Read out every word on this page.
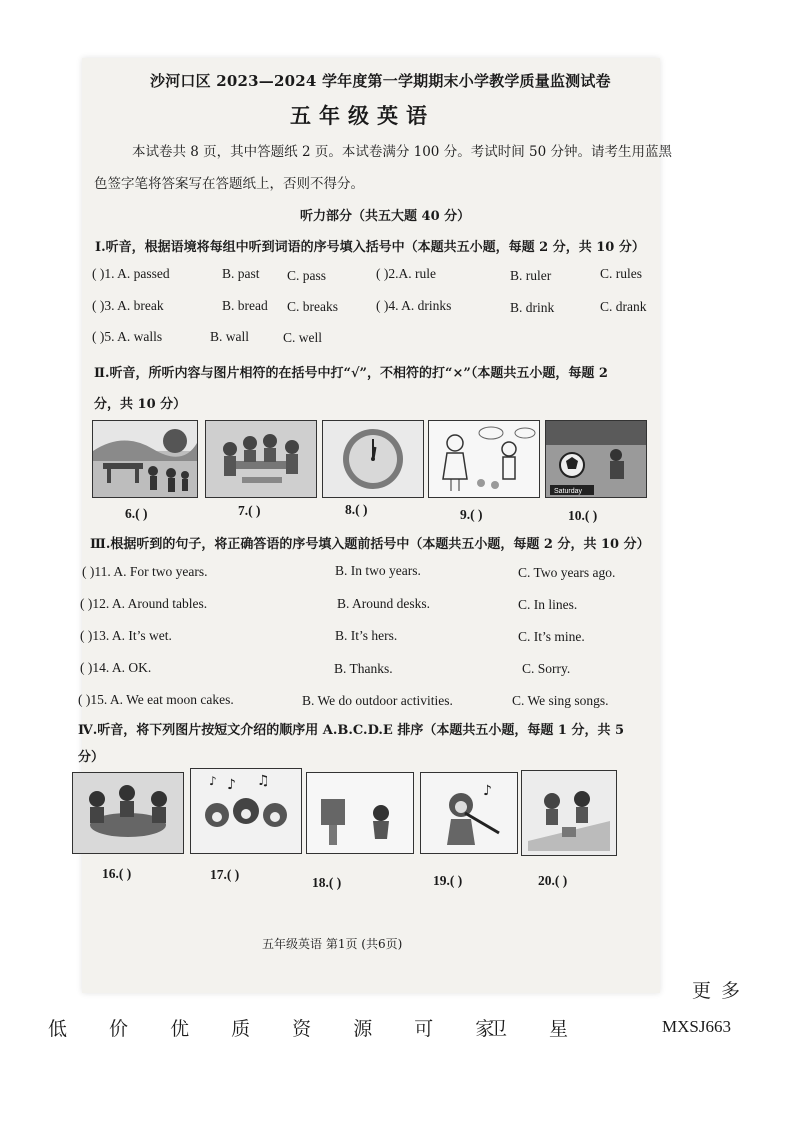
沙河口区 2023—2024 学年度第一学期期末小学教学质量监测试卷
五年级英语
本试卷共 8 页，其中答题纸 2 页。本试卷满分 100 分。考试时间 50 分钟。请考生用蓝黑
色签字笔将答案写在答题纸上，否则不得分。
听力部分（共五大题 40 分）
Ⅰ.听音，根据语境将每组中听到词语的序号填入括号中（本题共五小题，每题 2 分，共 10 分）
( )1. A. passed	B. past C. pass	( )2.A. rule	B. ruler	C. rules
( )3. A. break	B. bread C. breaks	( )4. A. drinks	B. drink	C. drank
( )5. A. walls	B. wall	C. well
Ⅱ.听音，所听内容与图片相符的在括号中打“√”，不相符的打“×”（本题共五小题，每题 2
分，共 10 分）
Saturday
6.( )	7.( )	8.( )	9.( )	10.( )
Ⅲ.根据听到的句子，将正确答语的序号填入题前括号中（本题共五小题，每题 2 分，共 10 分）
( )11. A. For two years.	B. In two years.	C. Two years ago.
( )12. A. Around tables.	B. Around desks.	C. In lines.
( )13. A. It’s wet.	B. It’s hers.	C. It’s mine.
( )14. A. OK.	B. Thanks.	C. Sorry.
( )15. A. We eat moon cakes.	B. We do outdoor activities.	C. We sing songs.
Ⅳ.听音，将下列图片按短文介绍的顺序用 A.B.C.D.E 排序（本题共五小题，每题 1 分，共 5
分）
♪ ♫
♪
♪
16.( )	17.( )
18.( )	19.( )	20.( )
五年级英语 第1页 (共6页)
更 多
低 价 优 质 资 源 可 家
卫 星	MXSJ663
